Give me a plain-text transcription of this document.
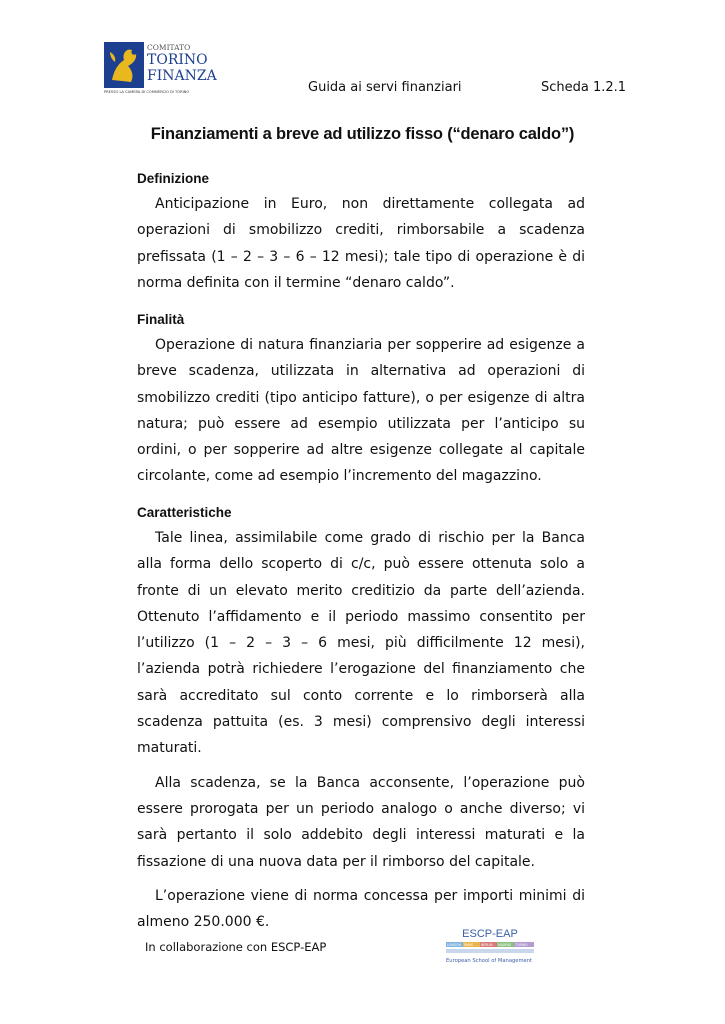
COMITATO
TORINO
FINANZA
PRESSO LA CAMERA DI COMMERCIO DI TORINO	Guida ai servi finanziari	Scheda 1.2.1
Finanziamenti a breve ad utilizzo fisso (“denaro caldo”)

Definizione

Anticipazione in Euro, non direttamente collegata ad operazioni di smobilizzo crediti, rimborsabile a scadenza prefissata (1 – 2 – 3 – 6 – 12 mesi); tale tipo di operazione è di norma definita con il termine “denaro caldo”.

Finalità

Operazione di natura finanziaria per sopperire ad esigenze a breve scadenza, utilizzata in alternativa ad operazioni di smobilizzo crediti (tipo anticipo fatture), o per esigenze di altra natura; può essere ad esempio utilizzata per l’anticipo su ordini, o per sopperire ad altre esigenze collegate al capitale circolante, come ad esempio l’incremento del magazzino.

Caratteristiche

Tale linea, assimilabile come grado di rischio per la Banca alla forma dello scoperto di c/c, può essere ottenuta solo a fronte di un elevato merito creditizio da parte dell’azienda. Ottenuto l’affidamento e il periodo massimo consentito per l’utilizzo (1 – 2 – 3 – 6 mesi, più difficilmente 12 mesi), l’azienda potrà richiedere l’erogazione del finanziamento che sarà accreditato sul conto corrente e lo rimborserà alla scadenza pattuita (es. 3 mesi) comprensivo degli interessi maturati.

Alla scadenza, se la Banca acconsente, l’operazione può essere prorogata per un periodo analogo o anche diverso; vi sarà pertanto il solo addebito degli interessi maturati e la fissazione di una nuova data per il rimborso del capitale.

L’operazione viene di norma concessa per importi minimi di almeno 250.000 €.

In collaborazione con ESCP-EAP
ESCP-EAP
LONDON PARIS BERLIN MADRID	TORINO
European School of Management
